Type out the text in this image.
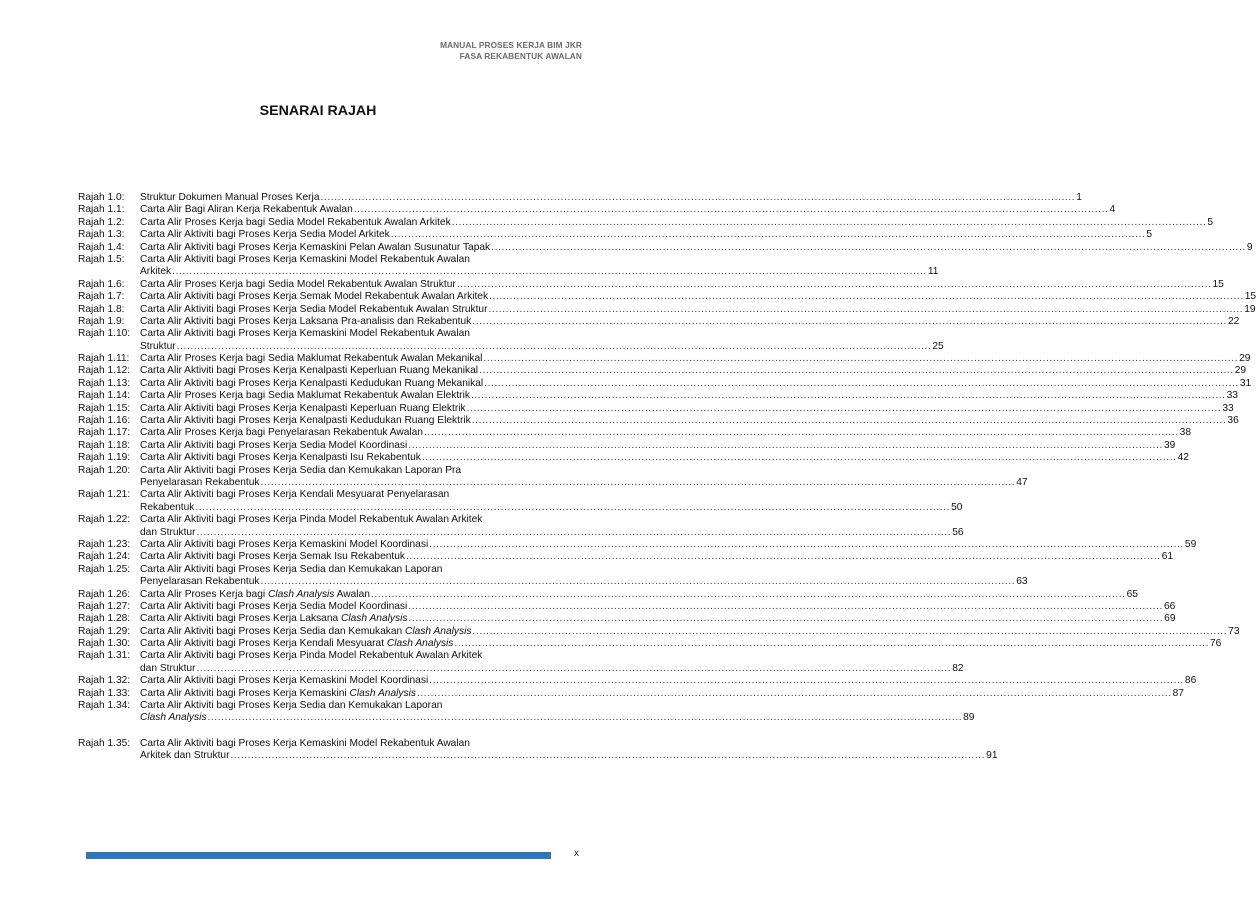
MANUAL PROSES KERJA BIM JKR
FASA REKABENTUK AWALAN
SENARAI RAJAH
Rajah 1.0: Struktur Dokumen Manual Proses Kerja ............................................................................................................................................................................................................................ 1
Rajah 1.1: Carta Alir Bagi Aliran Kerja Rekabentuk Awalan ............................................................................................................................................................................................................................ 4
Rajah 1.2: Carta Alir Proses Kerja bagi Sedia Model Rekabentuk Awalan Arkitek ............................................................................................................................................................................................................................ 5
Rajah 1.3: Carta Alir Aktiviti bagi Proses Kerja Sedia Model Arkitek ............................................................................................................................................................................................................................ 5
Rajah 1.4: Carta Alir Aktiviti bagi Proses Kerja Kemaskini Pelan Awalan Susunatur Tapak ............................................................................................................................................................................................................................ 9
Rajah 1.5: Carta Alir Aktiviti bagi Proses Kerja Kemaskini Model Rekabentuk Awalan
Arkitek ............................................................................................................................................................................................................................ 11
Rajah 1.6: Carta Alir Proses Kerja bagi Sedia Model Rekabentuk Awalan Struktur ............................................................................................................................................................................................................................ 15
Rajah 1.7: Carta Alir Aktiviti bagi Proses Kerja Semak Model Rekabentuk Awalan Arkitek ............................................................................................................................................................................................................................ 15
Rajah 1.8: Carta Alir Aktiviti bagi Proses Kerja Sedia Model Rekabentuk Awalan Struktur ............................................................................................................................................................................................................................ 19
Rajah 1.9: Carta Alir Aktiviti bagi Proses Kerja Laksana Pra-analisis dan Rekabentuk ............................................................................................................................................................................................................................ 22
Rajah 1.10: Carta Alir Aktiviti bagi Proses Kerja Kemaskini Model Rekabentuk Awalan
Struktur ............................................................................................................................................................................................................................ 25
Rajah 1.11: Carta Alir Proses Kerja bagi Sedia Maklumat Rekabentuk Awalan Mekanikal ............................................................................................................................................................................................................................ 29
Rajah 1.12: Carta Alir Aktiviti bagi Proses Kerja Kenalpasti Keperluan Ruang Mekanikal ............................................................................................................................................................................................................................ 29
Rajah 1.13: Carta Alir Aktiviti bagi Proses Kerja Kenalpasti Kedudukan Ruang Mekanikal ............................................................................................................................................................................................................................ 31
Rajah 1.14: Carta Alir Proses Kerja bagi Sedia Maklumat Rekabentuk Awalan Elektrik ............................................................................................................................................................................................................................ 33
Rajah 1.15: Carta Alir Aktiviti bagi Proses Kerja Kenalpasti Keperluan Ruang Elektrik ............................................................................................................................................................................................................................ 33
Rajah 1.16: Carta Alir Aktiviti bagi Proses Kerja Kenalpasti Kedudukan Ruang Elektrik ............................................................................................................................................................................................................................ 36
Rajah 1.17: Carta Alir Proses Kerja bagi Penyelarasan Rekabentuk Awalan ............................................................................................................................................................................................................................ 38
Rajah 1.18: Carta Alir Aktiviti bagi Proses Kerja Sedia Model Koordinasi ............................................................................................................................................................................................................................ 39
Rajah 1.19: Carta Alir Aktiviti bagi Proses Kerja Kenalpasti Isu Rekabentuk ............................................................................................................................................................................................................................ 42
Rajah 1.20: Carta Alir Aktiviti bagi Proses Kerja Sedia dan Kemukakan Laporan Pra
Penyelarasan Rekabentuk ............................................................................................................................................................................................................................ 47
Rajah 1.21: Carta Alir Aktiviti bagi Proses Kerja Kendali Mesyuarat Penyelarasan
Rekabentuk ............................................................................................................................................................................................................................ 50
Rajah 1.22: Carta Alir Aktiviti bagi Proses Kerja Pinda Model Rekabentuk Awalan Arkitek
dan Struktur ............................................................................................................................................................................................................................ 56
Rajah 1.23: Carta Alir Aktiviti bagi Proses Kerja Kemaskini Model Koordinasi ............................................................................................................................................................................................................................ 59
Rajah 1.24: Carta Alir Aktiviti bagi Proses Kerja Semak Isu Rekabentuk ............................................................................................................................................................................................................................ 61
Rajah 1.25: Carta Alir Aktiviti bagi Proses Kerja Sedia dan Kemukakan Laporan
Penyelarasan Rekabentuk ............................................................................................................................................................................................................................ 63
Rajah 1.26: Carta Alir Proses Kerja bagi Clash Analysis Awalan ............................................................................................................................................................................................................................ 65
Rajah 1.27: Carta Alir Aktiviti bagi Proses Kerja Sedia Model Koordinasi ............................................................................................................................................................................................................................ 66
Rajah 1.28: Carta Alir Aktiviti bagi Proses Kerja Laksana Clash Analysis ............................................................................................................................................................................................................................ 69
Rajah 1.29: Carta Alir Aktiviti bagi Proses Kerja Sedia dan Kemukakan Clash Analysis ............................................................................................................................................................................................................................ 73
Rajah 1.30: Carta Alir Aktiviti bagi Proses Kerja Kendali Mesyuarat Clash Analysis ............................................................................................................................................................................................................................ 76
Rajah 1.31: Carta Alir Aktiviti bagi Proses Kerja Pinda Model Rekabentuk Awalan Arkitek
dan Struktur ............................................................................................................................................................................................................................ 82
Rajah 1.32: Carta Alir Aktiviti bagi Proses Kerja Kemaskini Model Koordinasi ............................................................................................................................................................................................................................ 86
Rajah 1.33: Carta Alir Aktiviti bagi Proses Kerja Kemaskini Clash Analysis ............................................................................................................................................................................................................................ 87
Rajah 1.34: Carta Alir Aktiviti bagi Proses Kerja Sedia dan Kemukakan Laporan
Clash Analysis ............................................................................................................................................................................................................................ 89
Rajah 1.35: Carta Alir Aktiviti bagi Proses Kerja Kemaskini Model Rekabentuk Awalan
Arkitek dan Struktur ............................................................................................................................................................................................................................ 91
x
